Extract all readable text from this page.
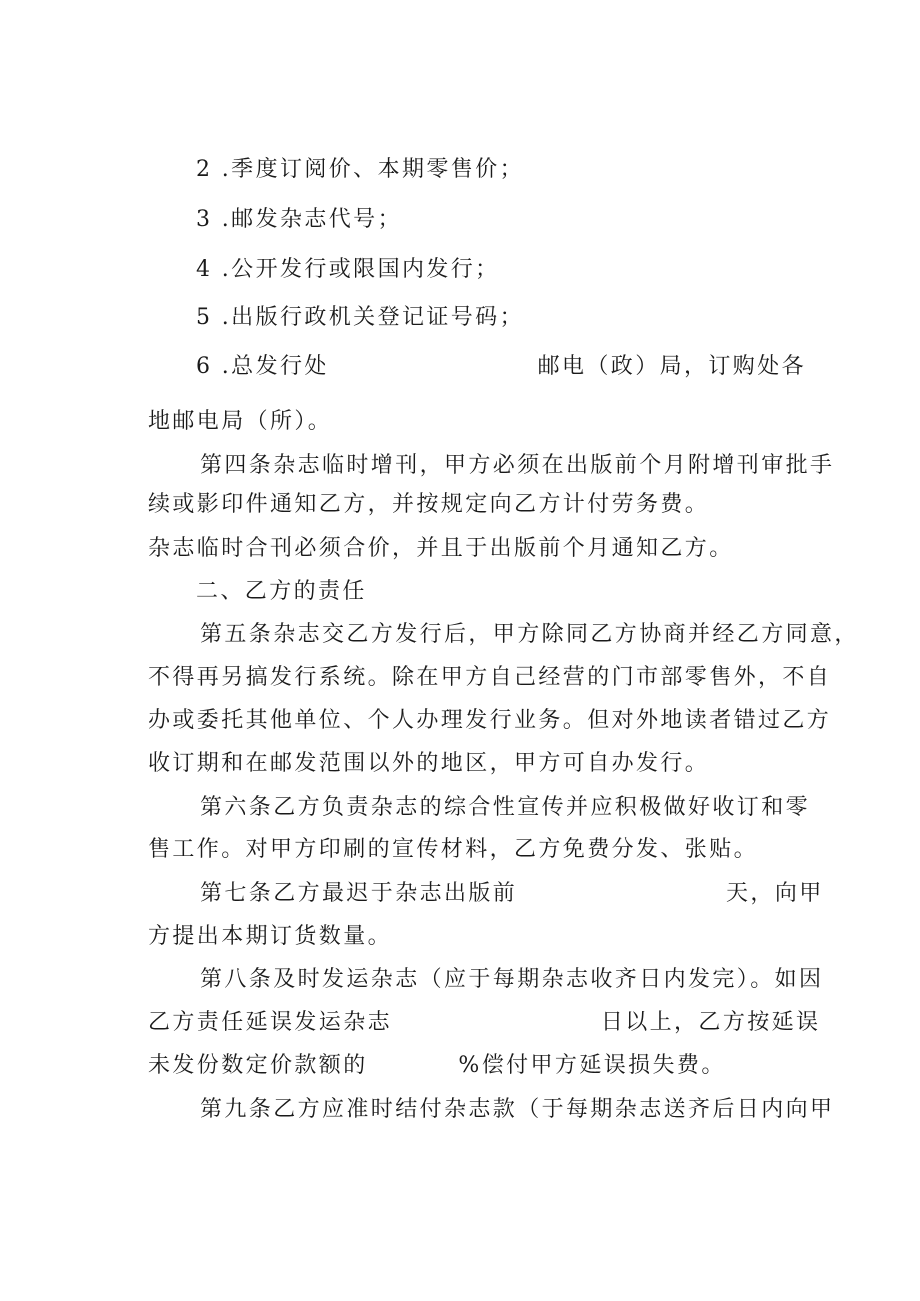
2 .季度订阅价、本期零售价；
3 .邮发杂志代号；
4 .公开发行或限国内发行；
5 .出版行政机关登记证号码；
6 .总发行处	邮电（政）局，订购处各
地邮电局（所）。
第四条杂志临时增刊，甲方必须在出版前个月附增刊审批手
续或影印件通知乙方，并按规定向乙方计付劳务费。
杂志临时合刊必须合价，并且于出版前个月通知乙方。
二、乙方的责任
第五条杂志交乙方发行后，甲方除同乙方协商并经乙方同意，
不得再另搞发行系统。除在甲方自己经营的门市部零售外，不自
办或委托其他单位、个人办理发行业务。但对外地读者错过乙方
收订期和在邮发范围以外的地区，甲方可自办发行。
第六条乙方负责杂志的综合性宣传并应积极做好收订和零
售工作。对甲方印刷的宣传材料，乙方免费分发、张贴。
第七条乙方最迟于杂志出版前	天，向甲
方提出本期订货数量。
第八条及时发运杂志（应于每期杂志收齐日内发完）。如因
乙方责任延误发运杂志	日以上，乙方按延误
未发份数定价款额的	%偿付甲方延误损失费。
第九条乙方应准时结付杂志款（于每期杂志送齐后日内向甲
